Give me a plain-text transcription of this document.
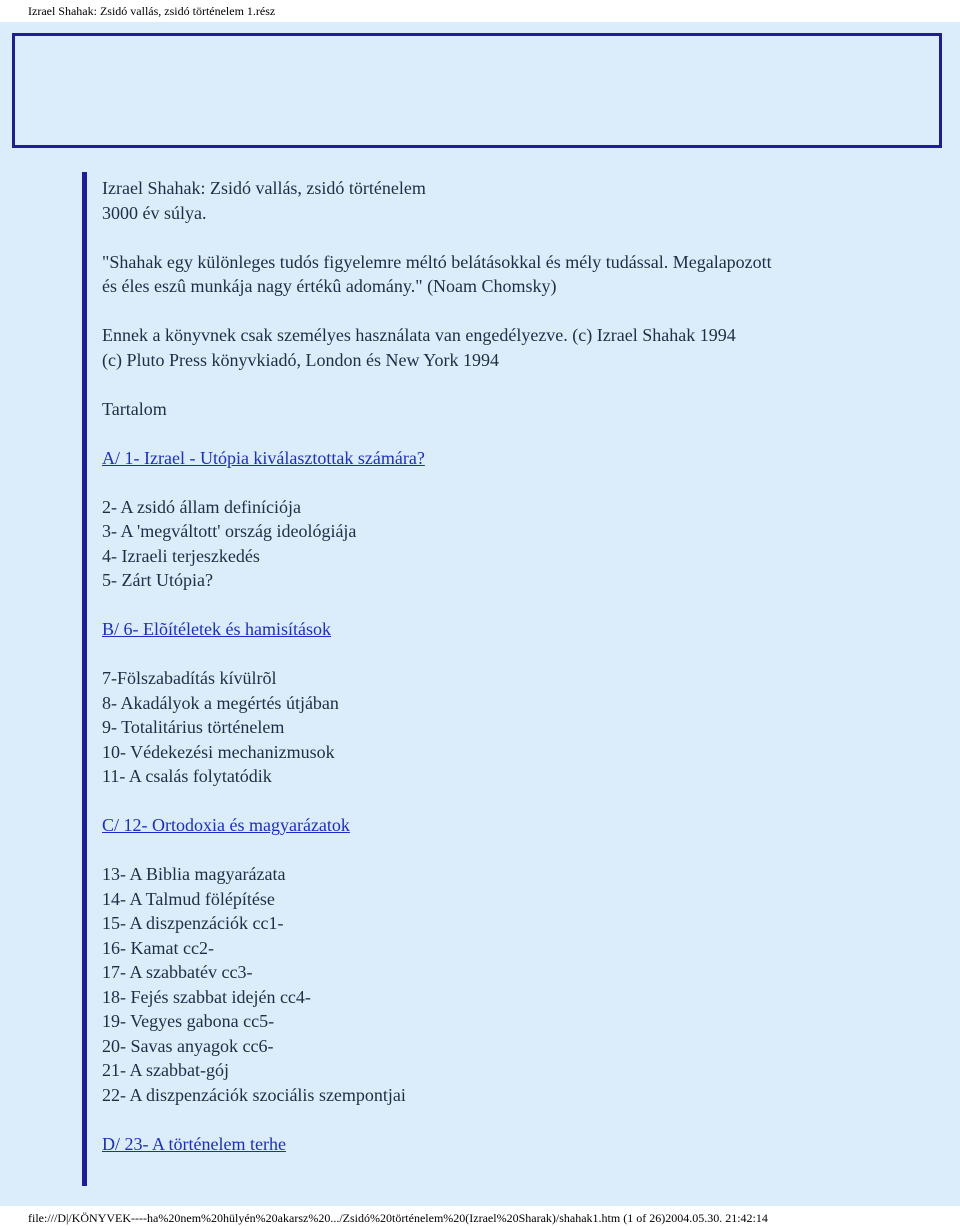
Izrael Shahak: Zsidó vallás, zsidó történelem 1.rész

Izrael Shahak: Zsidó vallás, zsidó történelem

3000 év súlya.

"Shahak egy különleges tudós figyelemre méltó belátásokkal és mély tudással. Megalapozott

és éles eszû munkája nagy értékû adomány." (Noam Chomsky)

Ennek a könyvnek csak személyes használata van engedélyezve. (c) Izrael Shahak 1994

(c) Pluto Press könyvkiadó, London és New York 1994

Tartalom

A/ 1- Izrael - Utópia kiválasztottak számára?

2- A zsidó állam definíciója

3- A 'megváltott' ország ideológiája

4- Izraeli terjeszkedés

5- Zárt Utópia?

B/ 6- Elõítéletek és hamisítások

7-Fölszabadítás kívülrõl

8- Akadályok a megértés útjában

9- Totalitárius történelem

10- Védekezési mechanizmusok

11- A csalás folytatódik

C/ 12- Ortodoxia és magyarázatok

13- A Biblia magyarázata

14- A Talmud fölépítése

15- A diszpenzációk cc1-

16- Kamat cc2-

17- A szabbatév cc3-

18- Fejés szabbat idején cc4-

19- Vegyes gabona cc5-

20- Savas anyagok cc6-

21- A szabbat-gój

22- A diszpenzációk szociális szempontjai

D/ 23- A történelem terhe

file:///D|/KÖNYVEK----ha%20nem%20hülyén%20akarsz%20.../Zsidó%20történelem%20(Izrael%20Sharak)/shahak1.htm (1 of 26)2004.05.30. 21:42:14
